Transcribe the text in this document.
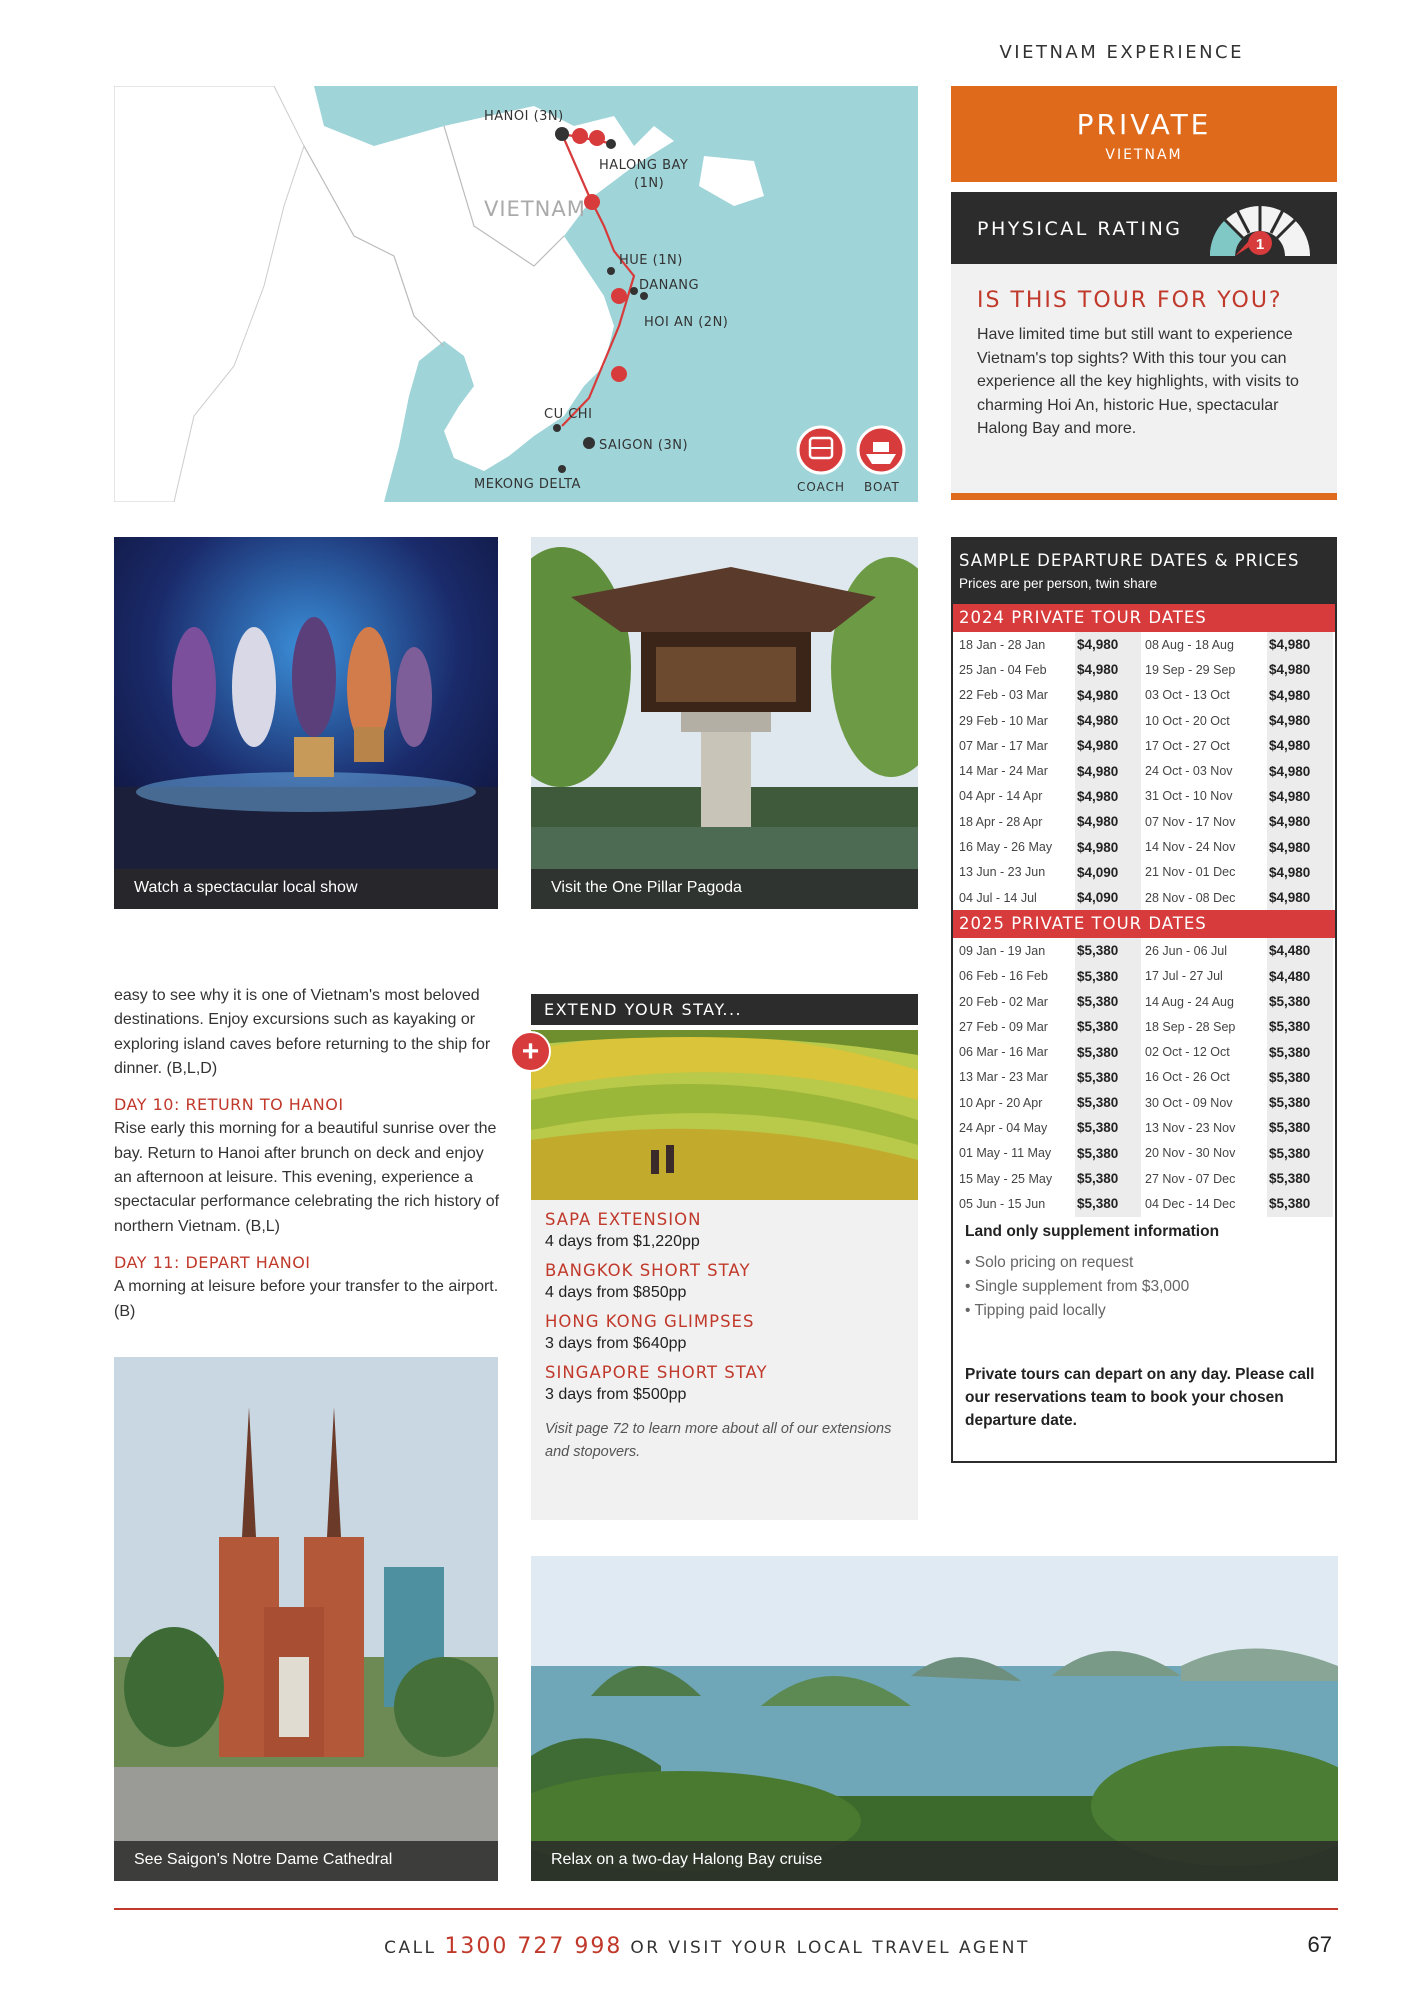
VIETNAM EXPERIENCE
HANOI (3N)
HALONG BAY
(1N)
VIETNAM
HUE (1N)
DANANG
HOI AN (2N)
CU CHI
SAIGON (3N)
MEKONG DELTA	COACH BOAT
PRIVATE
VIETNAM
PHYSICAL RATING
1
IS THIS TOUR FOR YOU?

Have limited time but still want to experience Vietnam's top sights? With this tour you can experience all the key highlights, with visits to charming Hoi An, historic Hue, spectacular Halong Bay and more.

Watch a spectacular local show	Visit the One Pillar Pagoda
easy to see why it is one of Vietnam's most beloved destinations. Enjoy excursions such as kayaking or exploring island caves before returning to the ship for dinner. (B,L,D)
DAY 10: RETURN TO HANOI
Rise early this morning for a beautiful sunrise over the bay. Return to Hanoi after brunch on deck and enjoy an afternoon at leisure. This evening, experience a spectacular performance celebrating the rich history of northern Vietnam. (B,L)
DAY 11: DEPART HANOI
A morning at leisure before your transfer to the airport. (B)
EXTEND YOUR STAY...
+
SAPA EXTENSION
4 days from $1,220pp
BANGKOK SHORT STAY
4 days from $850pp
HONG KONG GLIMPSES
3 days from $640pp
SINGAPORE SHORT STAY
3 days from $500pp
Visit page 72 to learn more about all of our extensions and stopovers.
SAMPLE DEPARTURE DATES & PRICES
Prices are per person, twin share
2024 PRIVATE TOUR DATES
18 Jan - 28 Jan	$4,980	08 Aug - 18 Aug	$4,980
25 Jan - 04 Feb	$4,980	19 Sep - 29 Sep	$4,980
22 Feb - 03 Mar	$4,980	03 Oct - 13 Oct	$4,980
29 Feb - 10 Mar	$4,980	10 Oct - 20 Oct	$4,980
07 Mar - 17 Mar	$4,980	17 Oct - 27 Oct	$4,980
14 Mar - 24 Mar	$4,980	24 Oct - 03 Nov	$4,980
04 Apr - 14 Apr	$4,980	31 Oct - 10 Nov	$4,980
18 Apr - 28 Apr	$4,980	07 Nov - 17 Nov	$4,980
16 May - 26 May	$4,980	14 Nov - 24 Nov	$4,980
13 Jun - 23 Jun	$4,090	21 Nov - 01 Dec	$4,980
04 Jul - 14 Jul	$4,090	28 Nov - 08 Dec	$4,980
2025 PRIVATE TOUR DATES
09 Jan - 19 Jan	$5,380	26 Jun - 06 Jul	$4,480
06 Feb - 16 Feb	$5,380	17 Jul - 27 Jul	$4,480
20 Feb - 02 Mar	$5,380	14 Aug - 24 Aug	$5,380
27 Feb - 09 Mar	$5,380	18 Sep - 28 Sep	$5,380
06 Mar - 16 Mar	$5,380	02 Oct - 12 Oct	$5,380
13 Mar - 23 Mar	$5,380	16 Oct - 26 Oct	$5,380
10 Apr - 20 Apr	$5,380	30 Oct - 09 Nov	$5,380
24 Apr - 04 May	$5,380	13 Nov - 23 Nov	$5,380
01 May - 11 May	$5,380	20 Nov - 30 Nov	$5,380
15 May - 25 May	$5,380	27 Nov - 07 Dec	$5,380
05 Jun - 15 Jun	$5,380	04 Dec - 14 Dec	$5,380
Land only supplement information
• Solo pricing on request
• Single supplement from $3,000
• Tipping paid locally
Private tours can depart on any day. Please call our reservations team to book your chosen departure date.
See Saigon's Notre Dame Cathedral	Relax on a two-day Halong Bay cruise
CALL 1300 727 998 OR VISIT YOUR LOCAL TRAVEL AGENT	67
